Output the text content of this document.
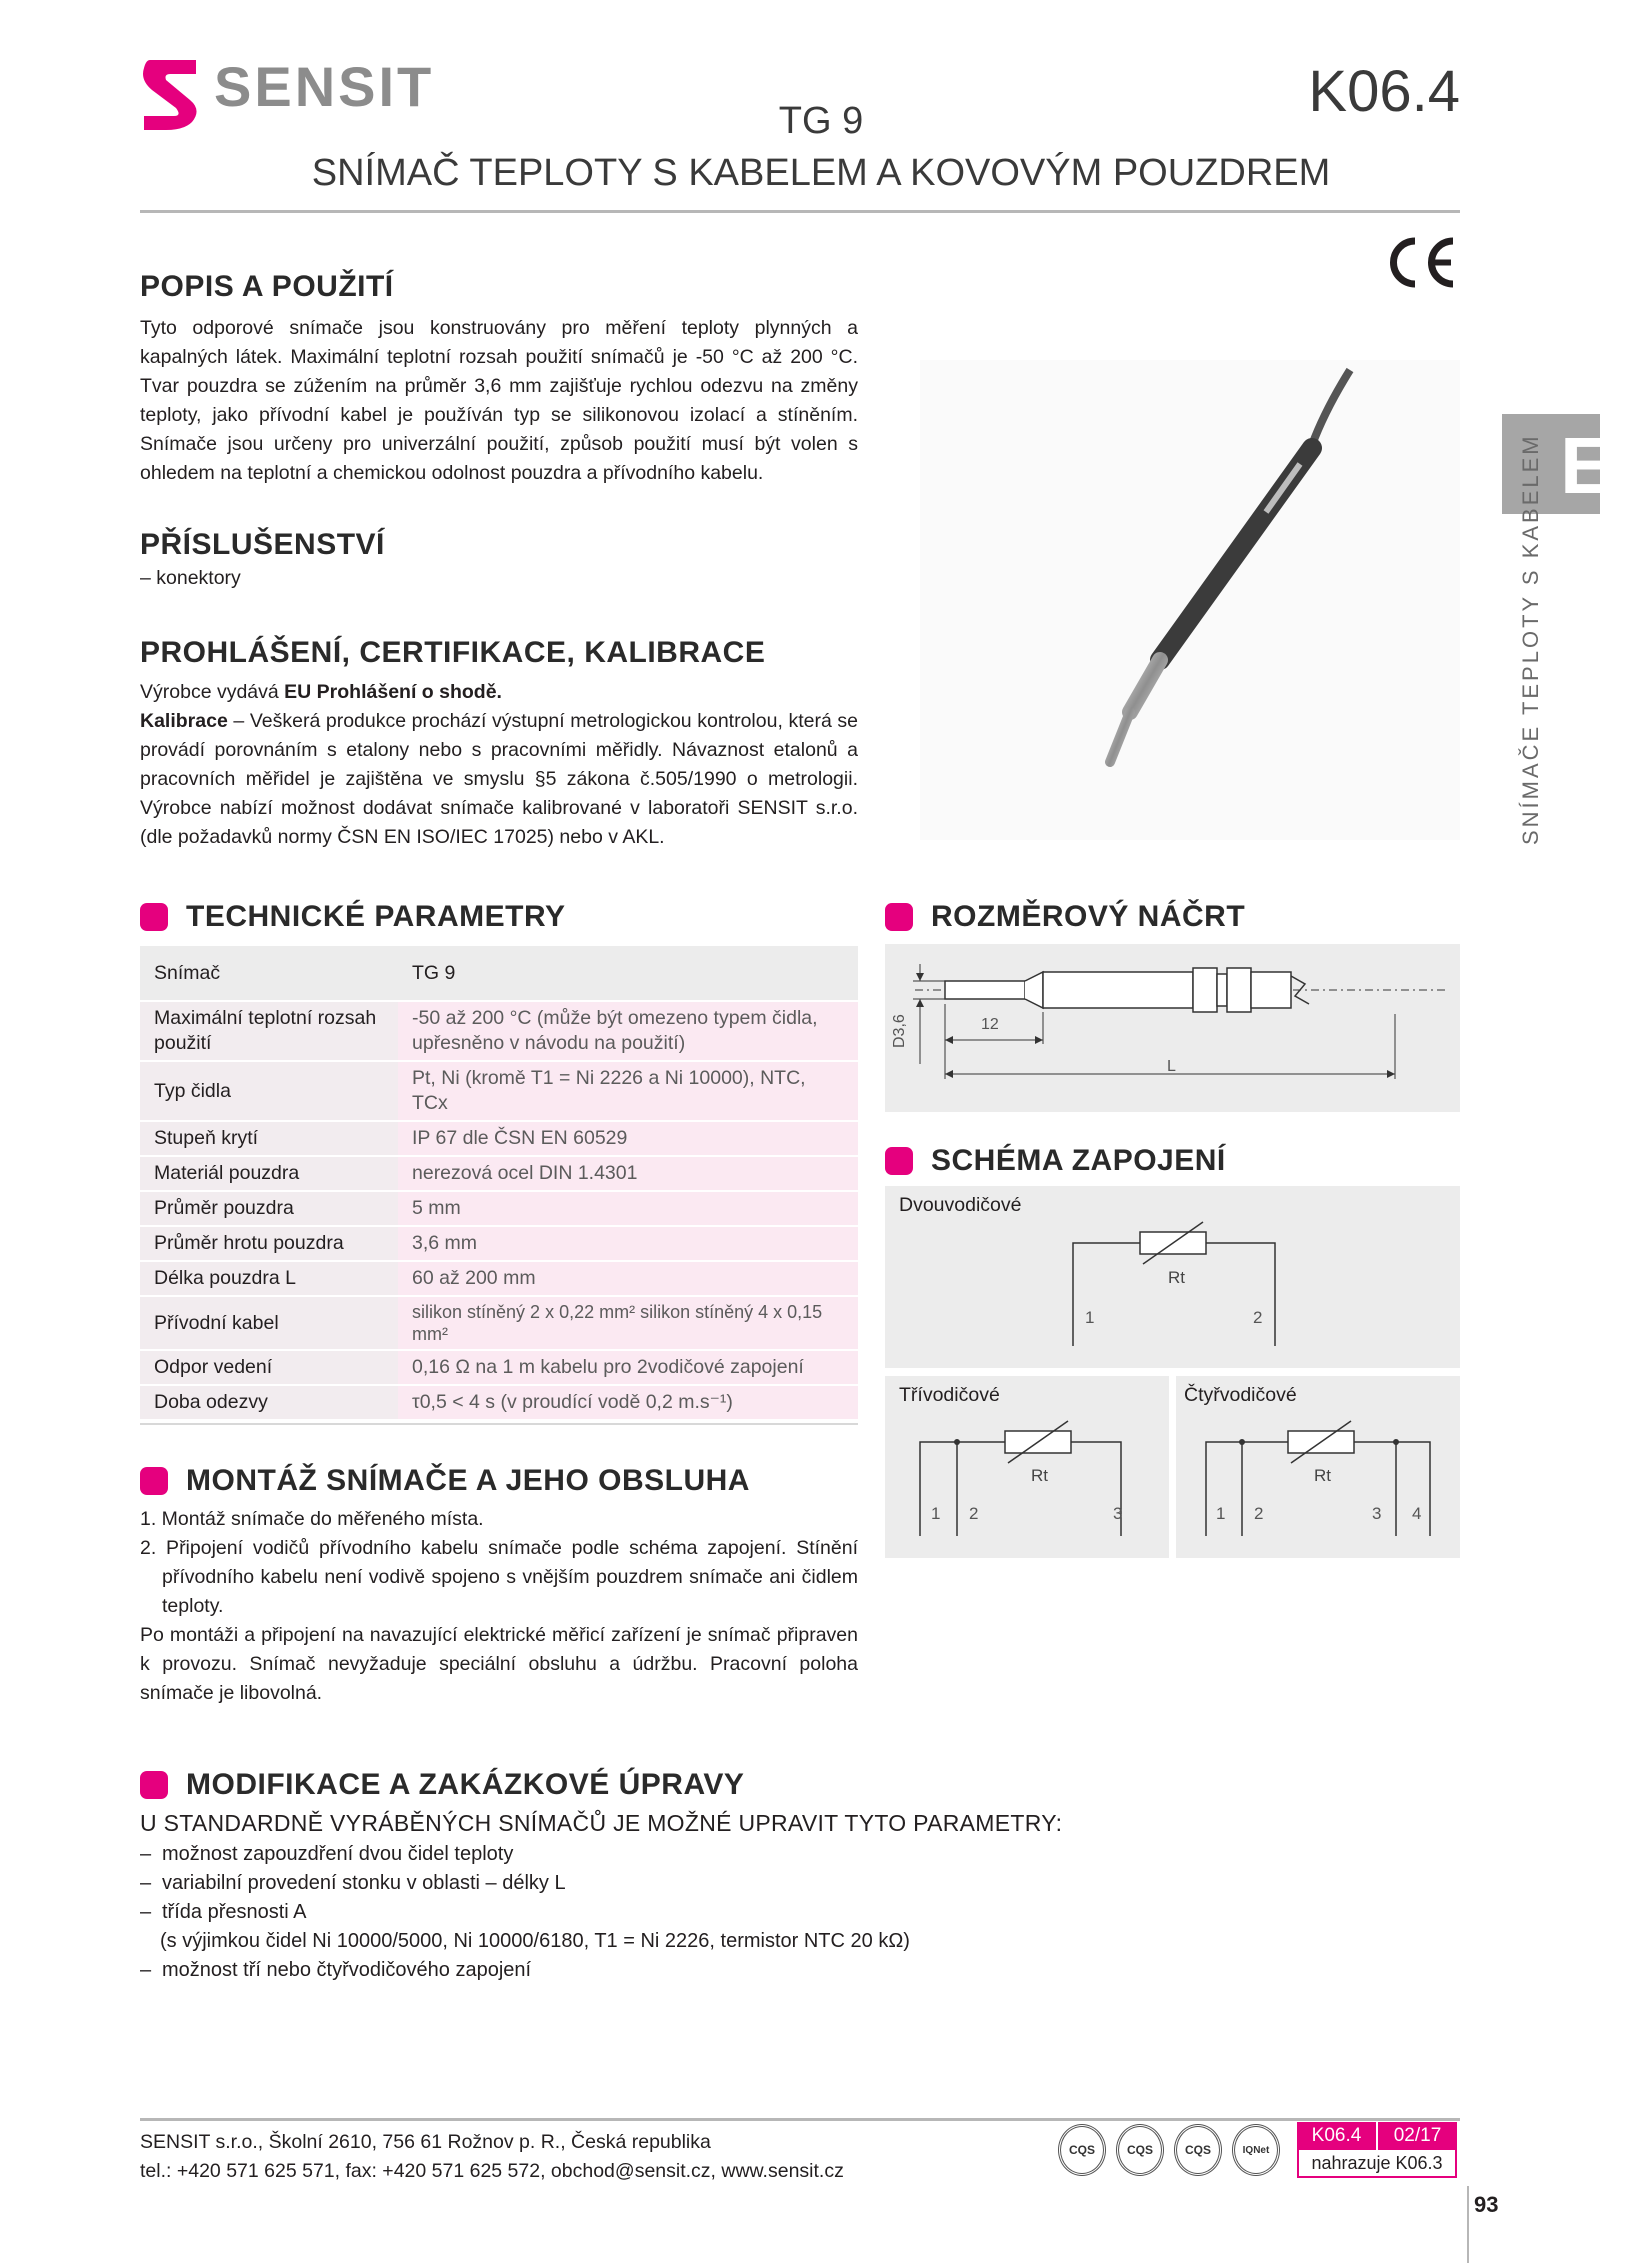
SENSIT	K06.4
TG 9
SNÍMAČ TEPLOTY S KABELEM A KOVOVÝM POUZDREM
E
SNÍMAČE TEPLOTY S KABELEM
POPIS A POUŽITÍ

Tyto odporové snímače jsou konstruovány pro měření teploty plynných a kapalných látek. Maximální teplotní rozsah použití snímačů je -50 °C až 200 °C. Tvar pouzdra se zúžením na průměr 3,6 mm zajišťuje rychlou odezvu na změny teploty, jako přívodní kabel je používán typ se silikonovou izolací a stíněním. Snímače jsou určeny pro univerzální použití, způsob použití musí být volen s ohledem na teplotní a chemickou odolnost pouzdra a přívodního kabelu.

PŘÍSLUŠENSTVÍ
– konektory
PROHLÁŠENÍ, CERTIFIKACE, KALIBRACE

Výrobce vydává EU Prohlášení o shodě.

Kalibrace – Veškerá produkce prochází výstupní metrologickou kontrolou, která se provádí porovnáním s etalony nebo s pracovními měřidly. Návaznost etalonů a pracovních měřidel je zajištěna ve smyslu §5 zákona č.505/1990 o metrologii. Výrobce nabízí možnost dodávat snímače kalibrované v laboratoři SENSIT s.r.o. (dle požadavků normy ČSN EN ISO/IEC 17025) nebo v AKL.

TECHNICKÉ PARAMETRY
Snímač	TG 9
Maximální teplotní rozsah použití	-50 až 200 °C (může být omezeno typem čidla, upřesněno v návodu na použití)
Typ čidla	Pt, Ni (kromě T1 = Ni 2226 a Ni 10000), NTC, TCx
Stupeň krytí	IP 67 dle ČSN EN 60529
Materiál pouzdra	nerezová ocel DIN 1.4301
Průměr pouzdra	5 mm
Průměr hrotu pouzdra	3,6 mm
Délka pouzdra L	60 až 200 mm
Přívodní kabel	silikon stíněný 2 x 0,22 mm² silikon stíněný 4 x 0,15 mm²
Odpor vedení	0,16 Ω na 1 m kabelu pro 2vodičové zapojení
Doba odezvy	τ0,5 < 4 s (v proudící vodě 0,2 m.s⁻¹)
ROZMĚROVÝ NÁČRT
D3,6	12
L
SCHÉMA ZAPOJENÍ
Dvouvodičové
Rt
1	2
Třívodičové
Rt
1 2	3
Čtyřvodičové
Rt
1 2	3 4
MONTÁŽ SNÍMAČE A JEHO OBSLUHA

1. Montáž snímače do měřeného místa.

2. Připojení vodičů přívodního kabelu snímače podle schéma zapojení. Stínění přívodního kabelu není vodivě spojeno s vnějším pouzdrem snímače ani čidlem teploty.

Po montáži a připojení na navazující elektrické měřicí zařízení je snímač připraven k provozu. Snímač nevyžaduje speciální obsluhu a údržbu. Pracovní poloha snímače je libovolná.

MODIFIKACE A ZAKÁZKOVÉ ÚPRAVY
U STANDARDNĚ VYRÁBĚNÝCH SNÍMAČŮ JE MOŽNÉ UPRAVIT TYTO PARAMETRY:
– možnost zapouzdření dvou čidel teploty
– variabilní provedení stonku v oblasti – délky L
– třída přesnosti A
(s výjimkou čidel Ni 10000/5000, Ni 10000/6180, T1 = Ni 2226, termistor NTC 20 kΩ)
– možnost tří nebo čtyřvodičového zapojení
SENSIT s.r.o., Školní 2610, 756 61 Rožnov p. R., Česká republika
tel.: +420 571 625 571, fax: +420 571 625 572, obchod@sensit.cz, www.sensit.cz
CQS	CQS	CQS	IQNet
K06.4	02/17
nahrazuje K06.3
93
